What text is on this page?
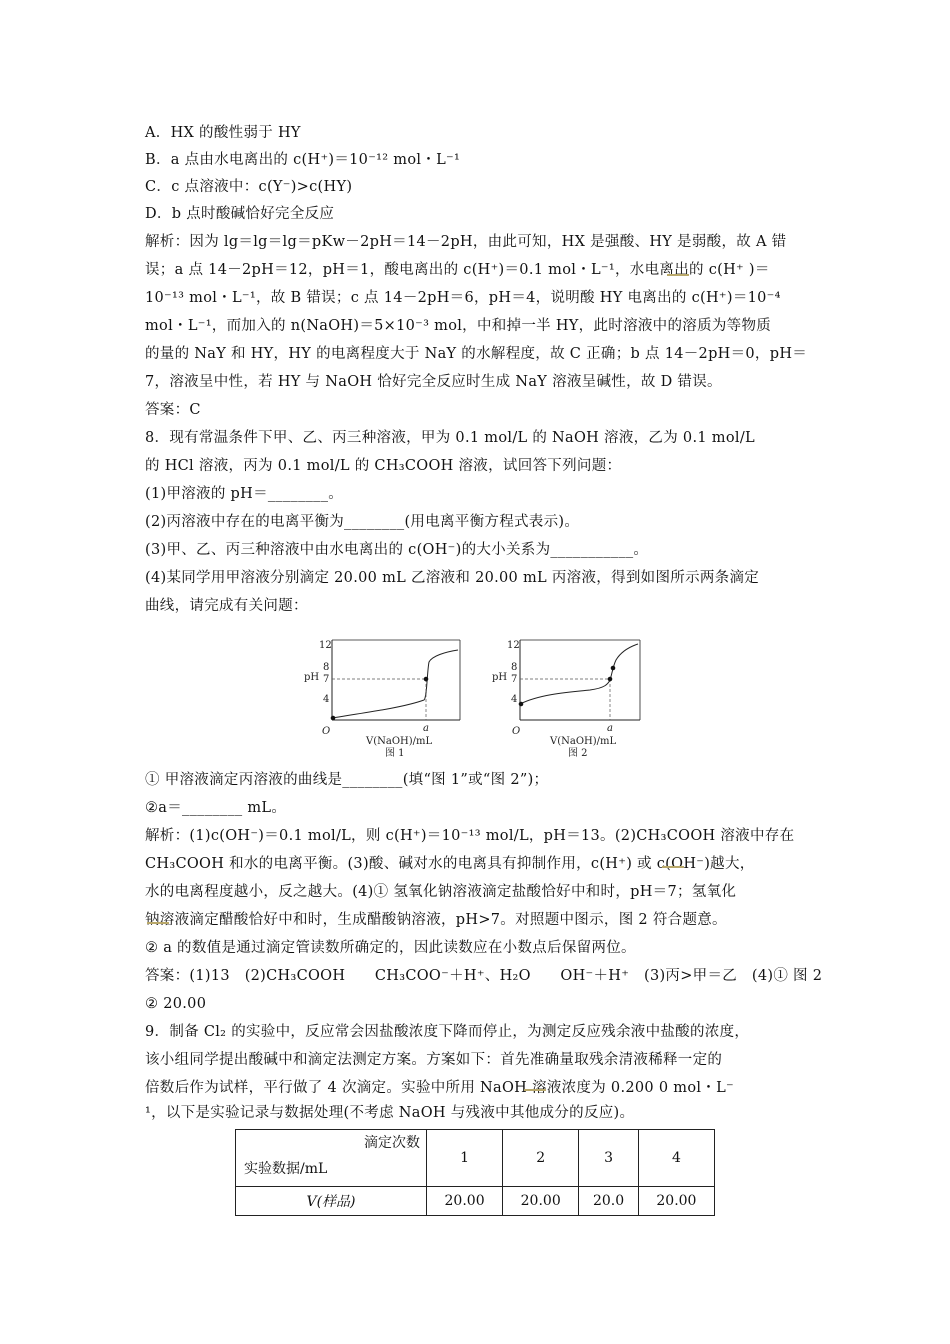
A．HX 的酸性弱于 HY
B．a 点由水电离出的 c(H⁺)＝10⁻¹² mol・L⁻¹
C．c 点溶液中：c(Y⁻)>c(HY)
D．b 点时酸碱恰好完全反应
解析：因为 lg＝lg＝lg＝pKw－2pH＝14－2pH，由此可知，HX 是强酸、HY 是弱酸，故 A 错
误；a 点 14－2pH＝12，pH＝1，酸电离出的 c(H⁺)＝0.1 mol・L⁻¹，水电离出的 c(H⁺ )＝
10⁻¹³ mol・L⁻¹，故 B 错误；c 点 14－2pH＝6，pH＝4，说明酸 HY 电离出的 c(H⁺)＝10⁻⁴
mol・L⁻¹，而加入的 n(NaOH)＝5×10⁻³ mol，中和掉一半 HY，此时溶液中的溶质为等物质
的量的 NaY 和 HY，HY 的电离程度大于 NaY 的水解程度，故 C 正确；b 点 14－2pH＝0，pH＝
7，溶液呈中性，若 HY 与 NaOH 恰好完全反应时生成 NaY 溶液呈碱性，故 D 错误。
答案：C
8．现有常温条件下甲、乙、丙三种溶液，甲为 0.1 mol/L 的 NaOH 溶液，乙为 0.1 mol/L
的 HCl 溶液，丙为 0.1 mol/L 的 CH₃COOH 溶液，试回答下列问题：
(1)甲溶液的 pH＝________。
(2)丙溶液中存在的电离平衡为________(用电离平衡方程式表示)。
(3)甲、乙、丙三种溶液中由水电离出的 c(OH⁻)的大小关系为___________。
(4)某同学用甲溶液分别滴定 20.00 mL 乙溶液和 20.00 mL 丙溶液，得到如图所示两条滴定
曲线，请完成有关问题：
12
8
7
4
pH
O	a
V(NaOH)/mL
图 1
12
8
7
4
pH
O	a
V(NaOH)/mL
图 2
① 甲溶液滴定丙溶液的曲线是________(填“图 1”或“图 2”)；
②a＝________ mL。
解析：(1)c(OH⁻)＝0.1 mol/L，则 c(H⁺)＝10⁻¹³ mol/L，pH＝13。(2)CH₃COOH 溶液中存在
CH₃COOH 和水的电离平衡。(3)酸、碱对水的电离具有抑制作用，c(H⁺) 或 c(OH⁻)越大，
水的电离程度越小，反之越大。(4)① 氢氧化钠溶液滴定盐酸恰好中和时，pH＝7；氢氧化
钠溶液滴定醋酸恰好中和时，生成醋酸钠溶液，pH>7。对照题中图示，图 2 符合题意。
② a 的数值是通过滴定管读数所确定的，因此读数应在小数点后保留两位。
答案：(1)13　(2)CH₃COOH　　CH₃COO⁻＋H⁺、H₂O　　OH⁻＋H⁺　(3)丙>甲＝乙　(4)① 图 2
② 20.00
9．制备 Cl₂ 的实验中，反应常会因盐酸浓度下降而停止，为测定反应残余液中盐酸的浓度，
该小组同学提出酸碱中和滴定法测定方案。方案如下：首先准确量取残余清液稀释一定的
倍数后作为试样，平行做了 4 次滴定。实验中所用 NaOH 溶液浓度为 0.200 0 mol・L⁻
¹，以下是实验记录与数据处理(不考虑 NaOH 与残液中其他成分的反应)。
滴定次数
实验数据/mL	1	2	3	4
V(样品)	20.00	20.00	20.0	20.00
